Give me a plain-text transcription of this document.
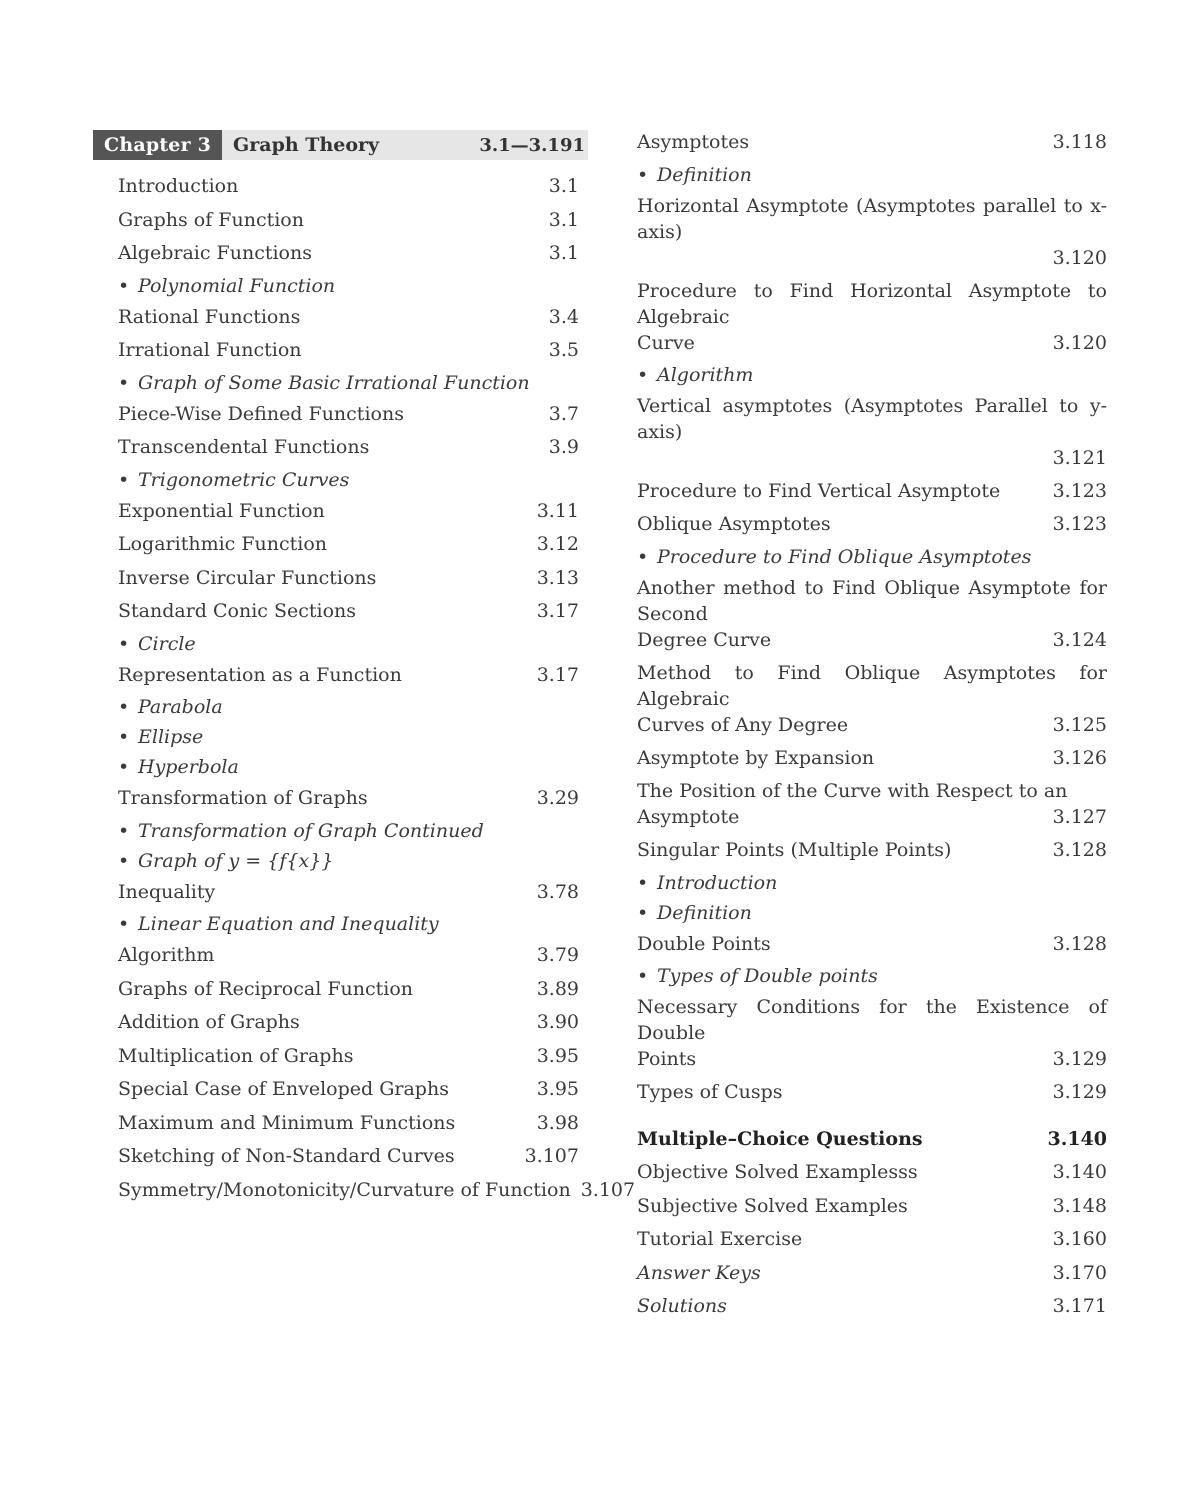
Chapter 3	Graph Theory	3.1—3.191
Introduction	3.1
Graphs of Function	3.1
Algebraic Functions	3.1
• Polynomial Function
Rational Functions	3.4
Irrational Function	3.5
• Graph of Some Basic Irrational Function
Piece-Wise Defined Functions	3.7
Transcendental Functions	3.9
• Trigonometric Curves
Exponential Function	3.11
Logarithmic Function	3.12
Inverse Circular Functions	3.13
Standard Conic Sections	3.17
• Circle
Representation as a Function	3.17
• Parabola
• Ellipse
• Hyperbola
Transformation of Graphs	3.29
• Transformation of Graph Continued
• Graph of y = {f{x}}
Inequality	3.78
• Linear Equation and Inequality
Algorithm	3.79
Graphs of Reciprocal Function	3.89
Addition of Graphs	3.90
Multiplication of Graphs	3.95
Special Case of Enveloped Graphs	3.95
Maximum and Minimum Functions	3.98
Sketching of Non-Standard Curves	3.107
Symmetry/Monotonicity/Curvature of Function 3.107
Asymptotes	3.118
• Definition
Horizontal Asymptote (Asymptotes parallel to x-axis)
3.120
Procedure to Find Horizontal Asymptote to Algebraic
Curve	3.120
• Algorithm
Vertical asymptotes (Asymptotes Parallel to y-axis)
3.121
Procedure to Find Vertical Asymptote	3.123
Oblique Asymptotes	3.123
• Procedure to Find Oblique Asymptotes
Another method to Find Oblique Asymptote for Second
Degree Curve	3.124
Method to Find Oblique Asymptotes for Algebraic
Curves of Any Degree	3.125
Asymptote by Expansion	3.126
The Position of the Curve with Respect to an
Asymptote	3.127
Singular Points (Multiple Points)	3.128
• Introduction
• Definition
Double Points	3.128
• Types of Double points
Necessary Conditions for the Existence of Double
Points	3.129
Types of Cusps	3.129
Multiple–Choice Questions	3.140
Objective Solved Examplesss	3.140
Subjective Solved Examples	3.148
Tutorial Exercise	3.160
Answer Keys	3.170
Solutions	3.171
